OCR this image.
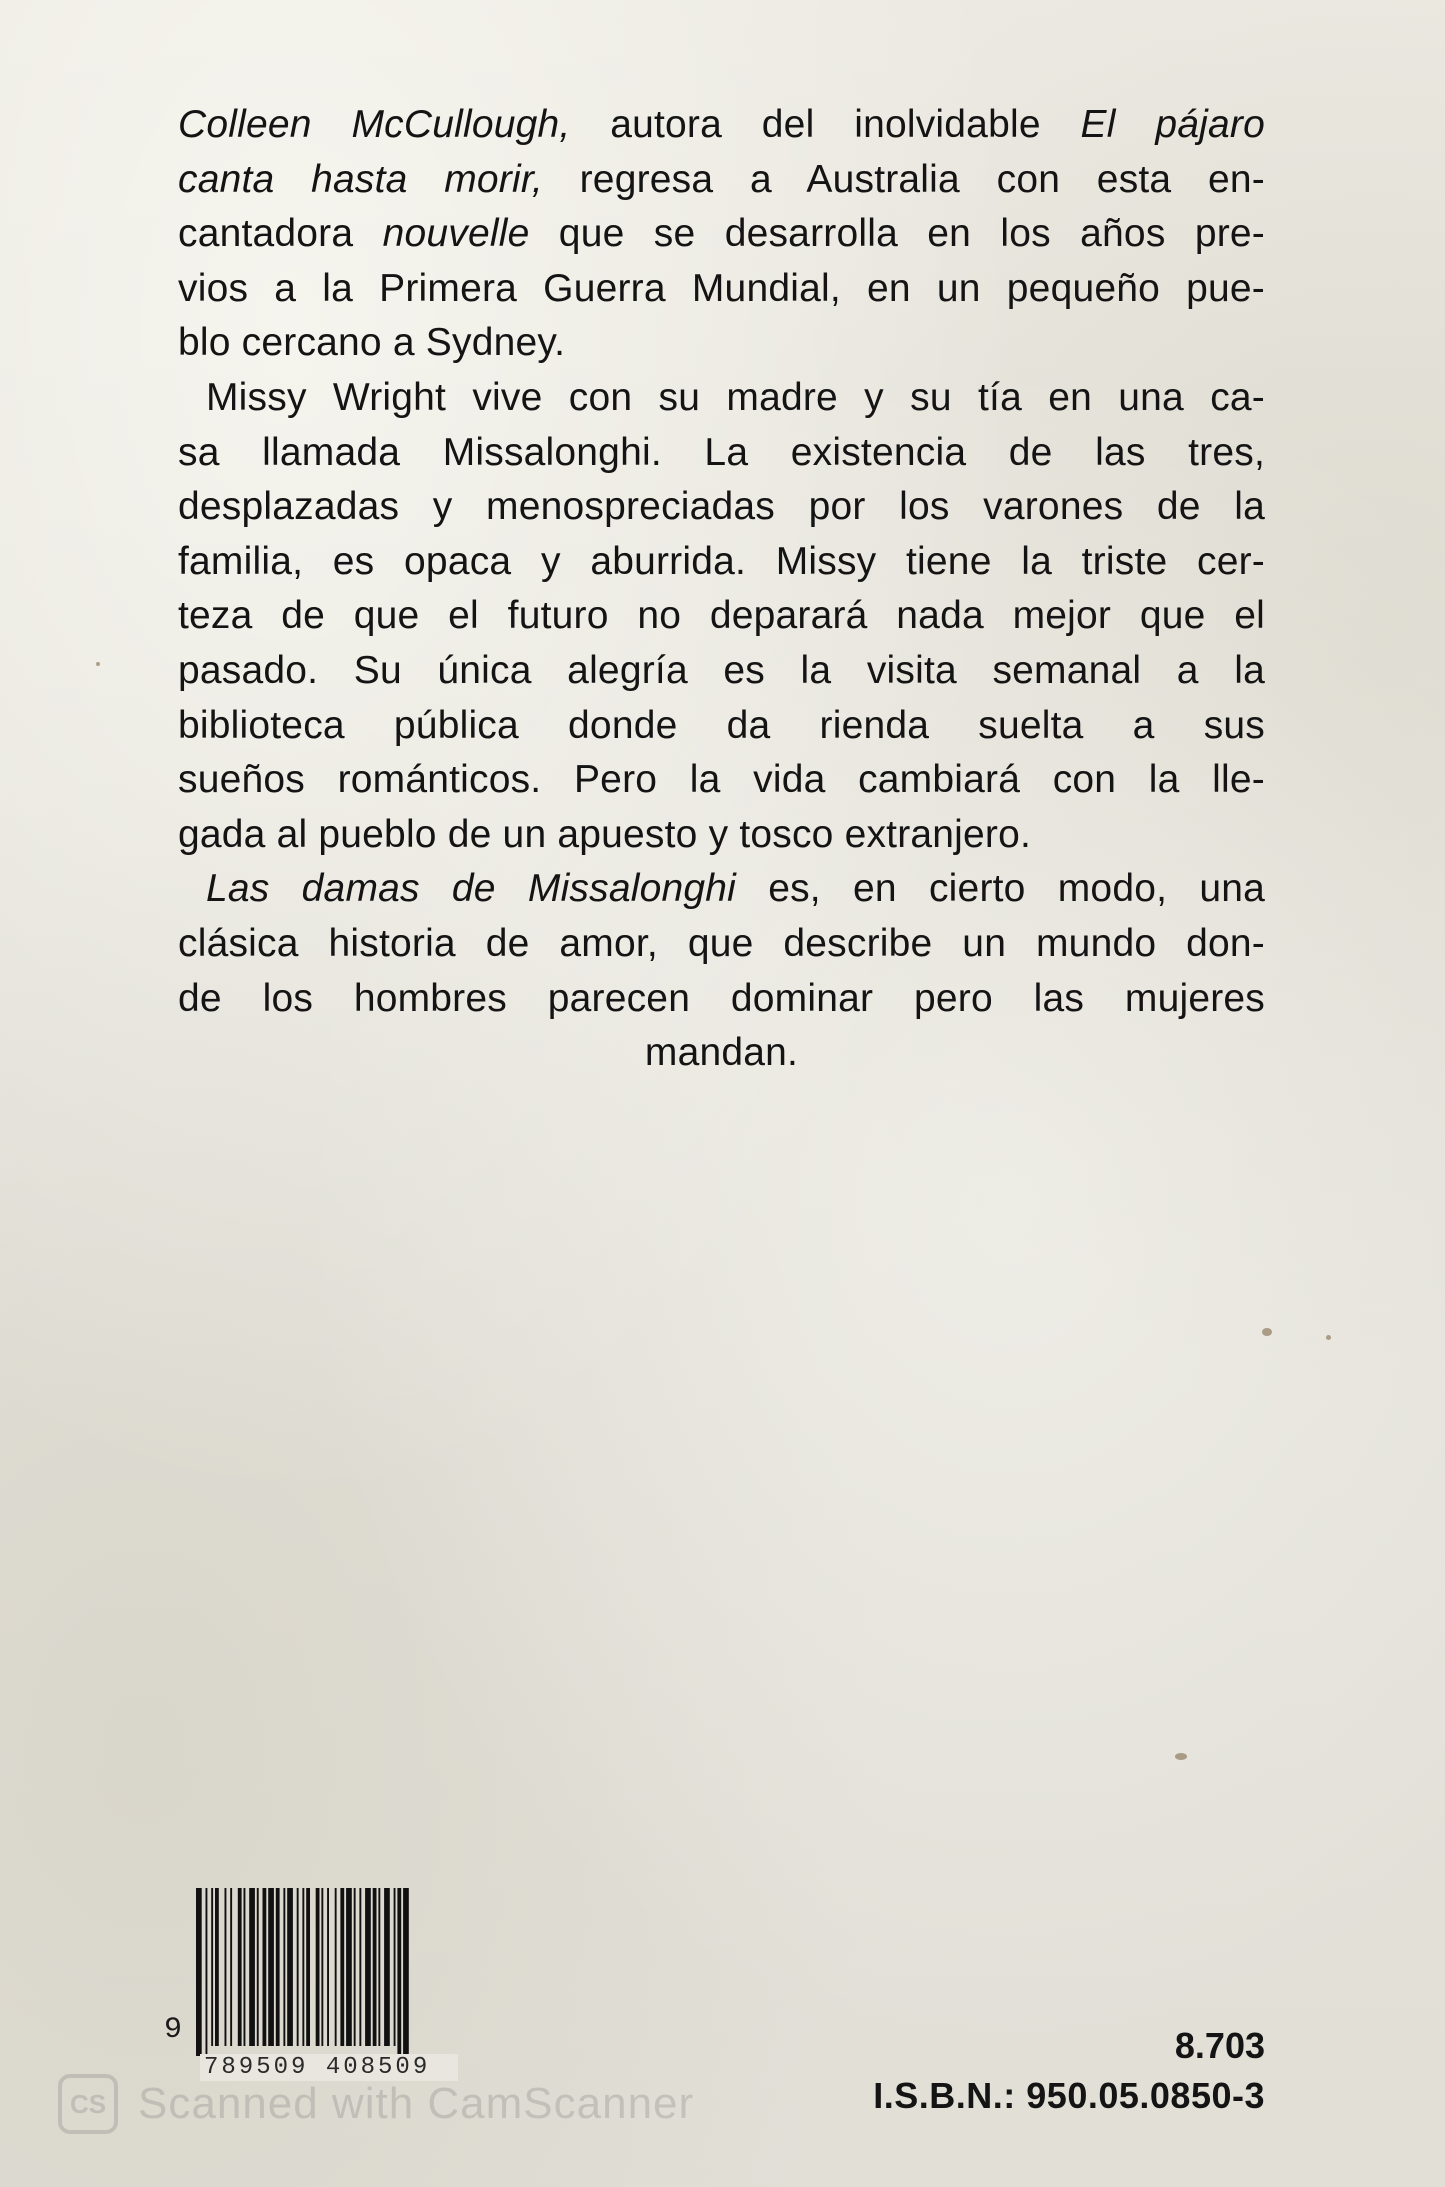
Colleen McCullough, autora del inolvidable El pájaro
canta hasta morir, regresa a Australia con esta en-
cantadora nouvelle que se desarrolla en los años pre-
vios a la Primera Guerra Mundial, en un pequeño pue-
blo cercano a Sydney.

Missy Wright vive con su madre y su tía en una ca-
sa llamada Missalonghi. La existencia de las tres,
desplazadas y menospreciadas por los varones de la
familia, es opaca y aburrida. Missy tiene la triste cer-
teza de que el futuro no deparará nada mejor que el
pasado. Su única alegría es la visita semanal a la
biblioteca pública donde da rienda suelta a sus
sueños románticos. Pero la vida cambiará con la lle-
gada al pueblo de un apuesto y tosco extranjero.

Las damas de Missalonghi es, en cierto modo, una
clásica historia de amor, que describe un mundo don-
de los hombres parecen dominar pero las mujeres
mandan.

9
789509 408509
8.703
I.S.B.N.: 950.05.0850-3
CS Scanned with CamScanner
